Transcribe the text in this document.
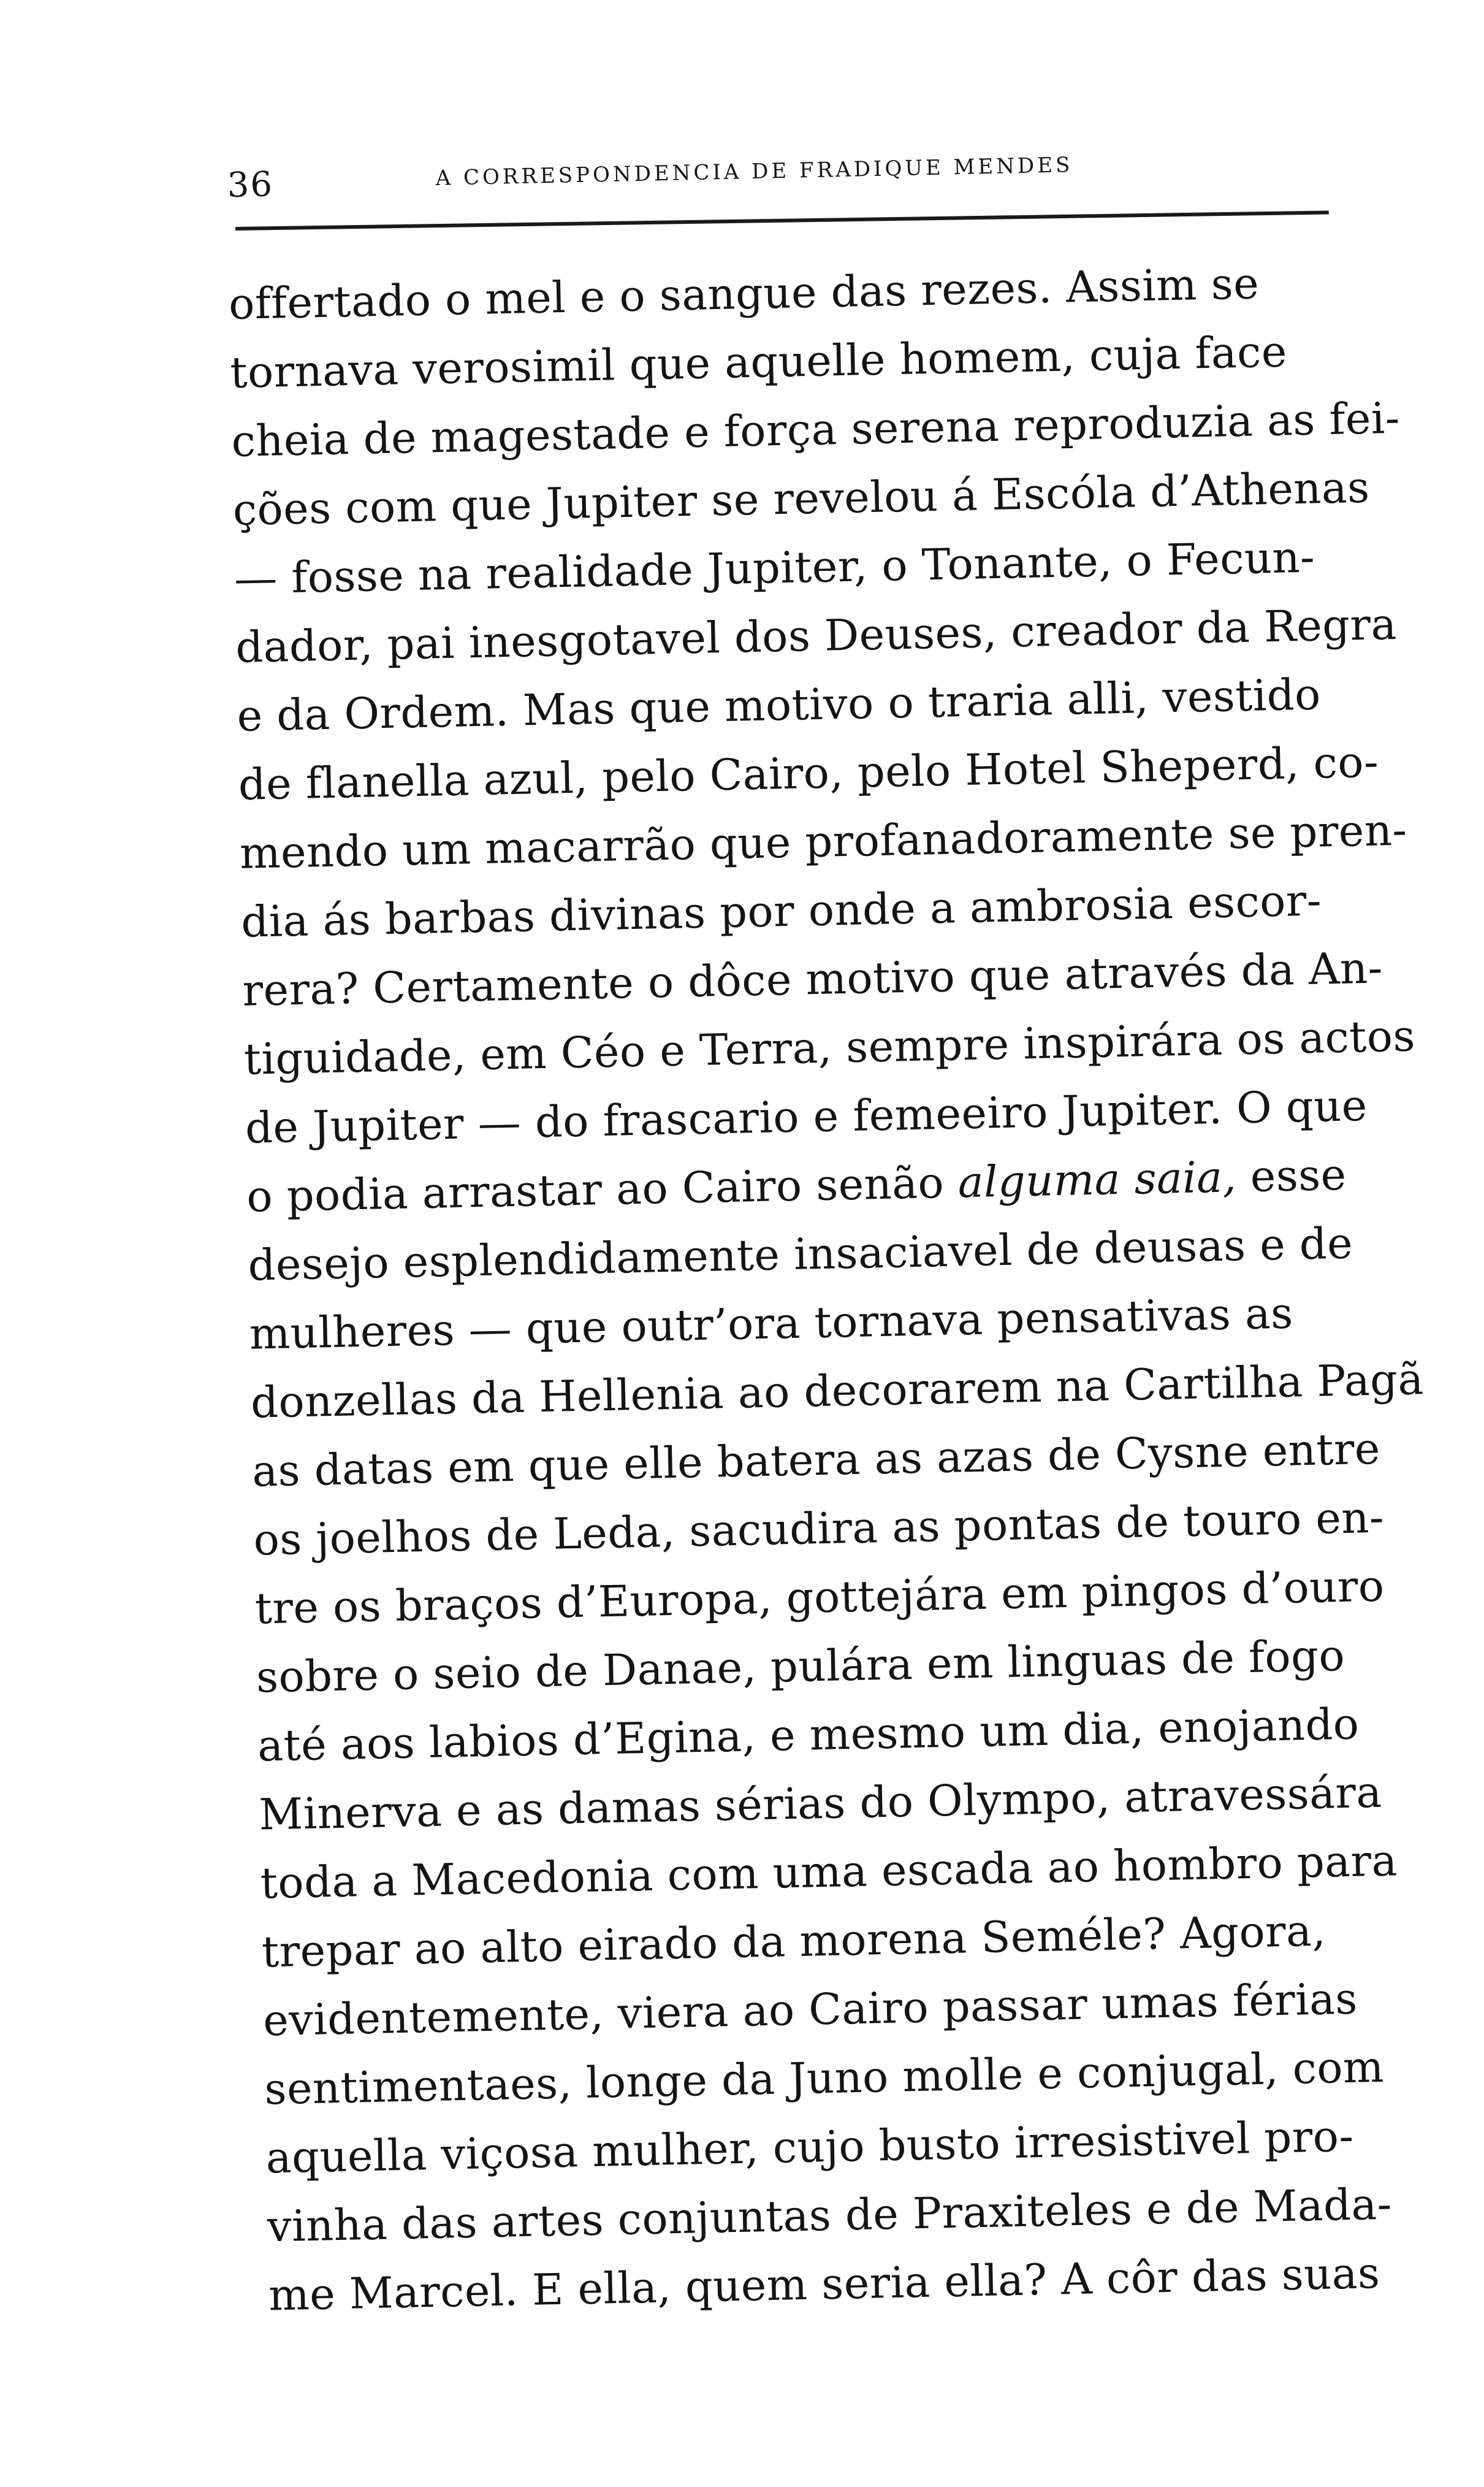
36	A CORRESPONDENCIA DE FRADIQUE MENDES
offertado o mel e o sangue das rezes. Assim se
tornava verosimil que aquelle homem, cuja face
cheia de magestade e força serena reproduzia as fei-
ções com que Jupiter se revelou á Escóla d’Athenas
— fosse na realidade Jupiter, o Tonante, o Fecun-
dador, pai inesgotavel dos Deuses, creador da Regra
e da Ordem. Mas que motivo o traria alli, vestido
de flanella azul, pelo Cairo, pelo Hotel Sheperd, co-
mendo um macarrão que profanadoramente se pren-
dia ás barbas divinas por onde a ambrosia escor-
rera? Certamente o dôce motivo que através da An-
tiguidade, em Céo e Terra, sempre inspirára os actos
de Jupiter — do frascario e femeeiro Jupiter. O que
o podia arrastar ao Cairo senão alguma saia, esse
desejo esplendidamente insaciavel de deusas e de
mulheres — que outr’ora tornava pensativas as
donzellas da Hellenia ao decorarem na Cartilha Pagã
as datas em que elle batera as azas de Cysne entre
os joelhos de Leda, sacudira as pontas de touro en-
tre os braços d’Europa, gottejára em pingos d’ouro
sobre o seio de Danae, pulára em linguas de fogo
até aos labios d’Egina, e mesmo um dia, enojando
Minerva e as damas sérias do Olympo, atravessára
toda a Macedonia com uma escada ao hombro para
trepar ao alto eirado da morena Seméle? Agora,
evidentemente, viera ao Cairo passar umas férias
sentimentaes, longe da Juno molle e conjugal, com
aquella viçosa mulher, cujo busto irresistivel pro-
vinha das artes conjuntas de Praxiteles e de Mada-
me Marcel. E ella, quem seria ella? A côr das suas
